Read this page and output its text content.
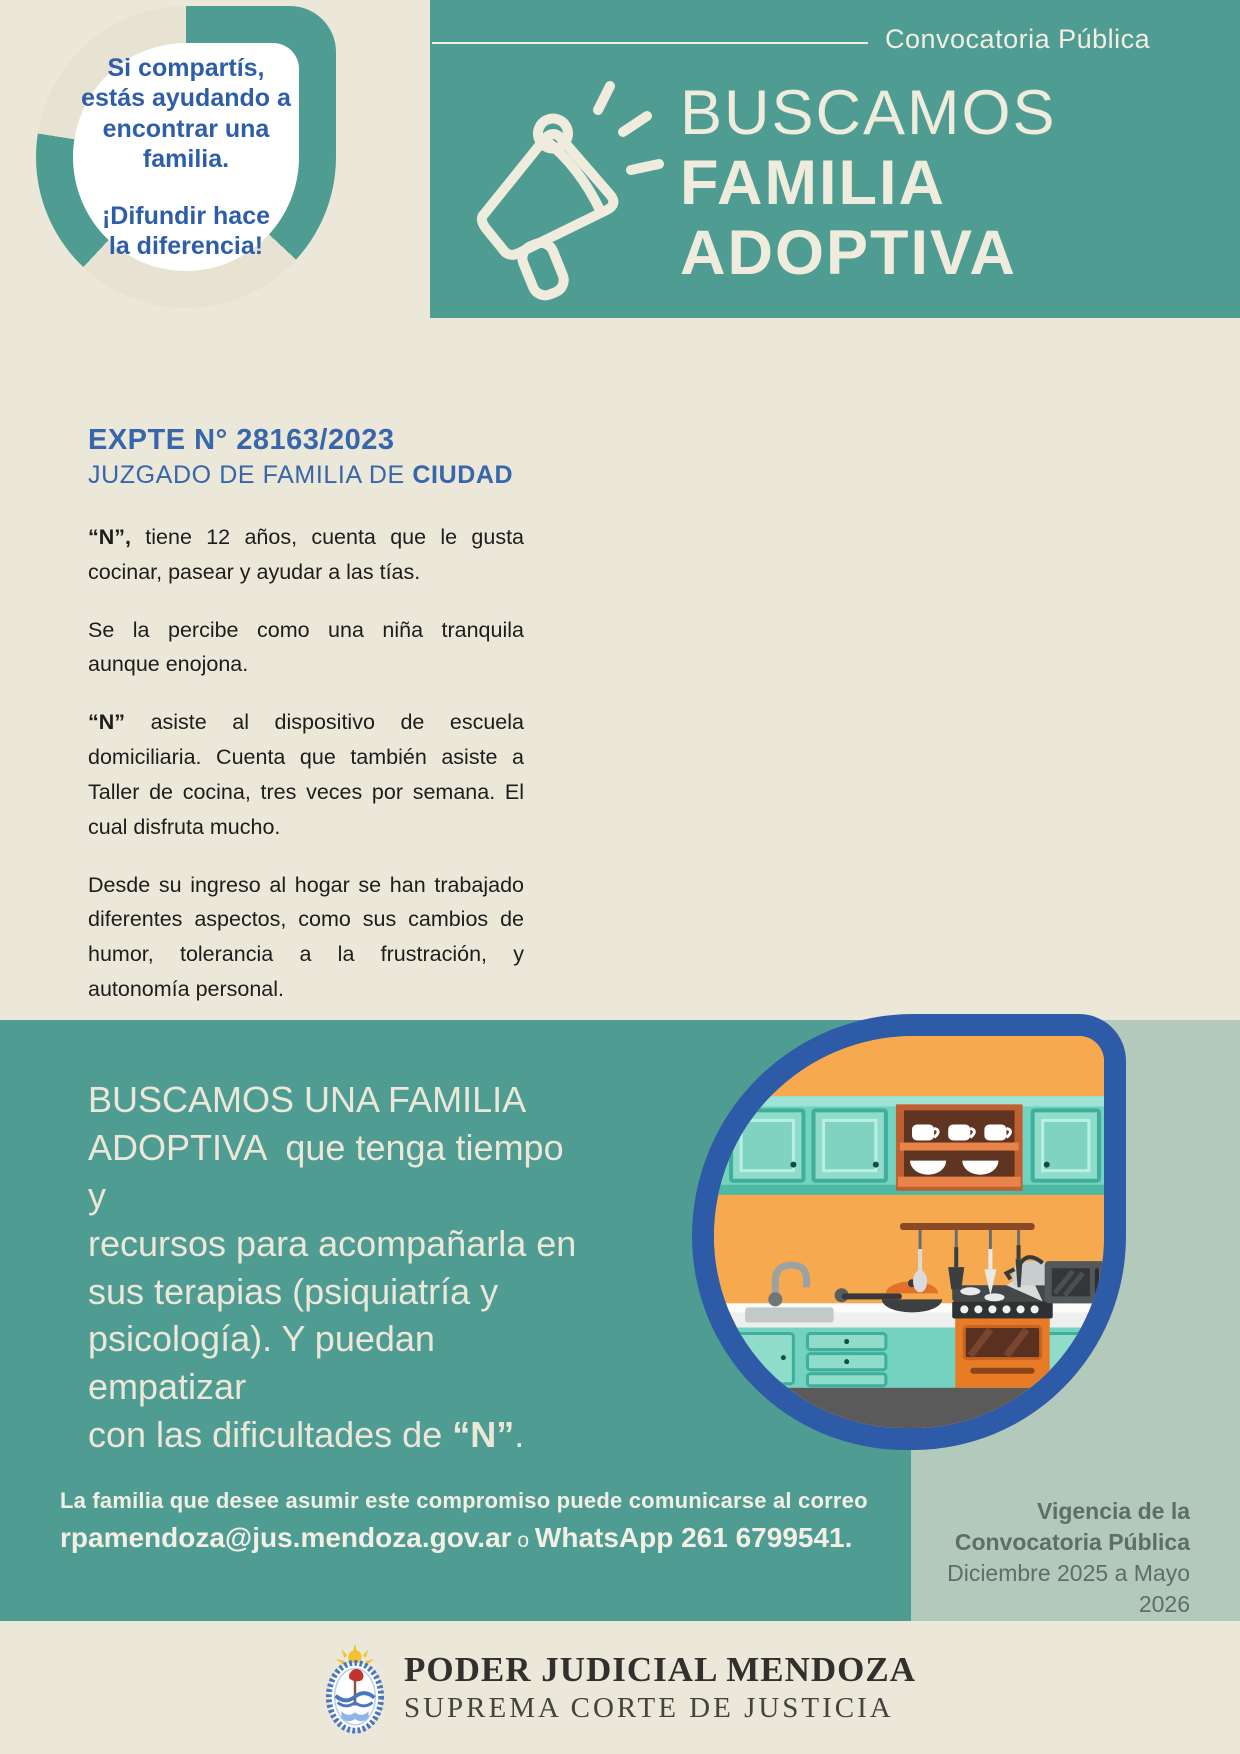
Si compartís,
estás ayudando a
encontrar una
familia.
¡Difundir hace
la diferencia!
Convocatoria Pública
BUSCAMOS
FAMILIA
ADOPTIVA
EXPTE N° 28163/2023
JUZGADO DE FAMILIA DE CIUDAD

“N”, tiene 12 años, cuenta que le gusta cocinar, pasear y ayudar a las tías.

Se la percibe como una niña tranquila aunque enojona.

“N” asiste al dispositivo de escuela domiciliaria. Cuenta que también asiste a Taller de cocina, tres veces por semana. El cual disfruta mucho.

Desde su ingreso al hogar se han trabajado diferentes aspectos, como sus cambios de humor, tolerancia a la frustración, y autonomía personal.

BUSCAMOS UNA FAMILIA
ADOPTIVA  que tenga tiempo y
recursos para acompañarla en
sus terapias (psiquiatría y
psicología). Y puedan empatizar
con las dificultades de “N”.
La familia que desee asumir este compromiso puede comunicarse al correo
rpamendoza@jus.mendoza.gov.ar o WhatsApp 261 6799541.
Vigencia de la
Convocatoria Pública
Diciembre 2025 a Mayo 2026
PODER JUDICIAL MENDOZA
SUPREMA CORTE DE JUSTICIA
